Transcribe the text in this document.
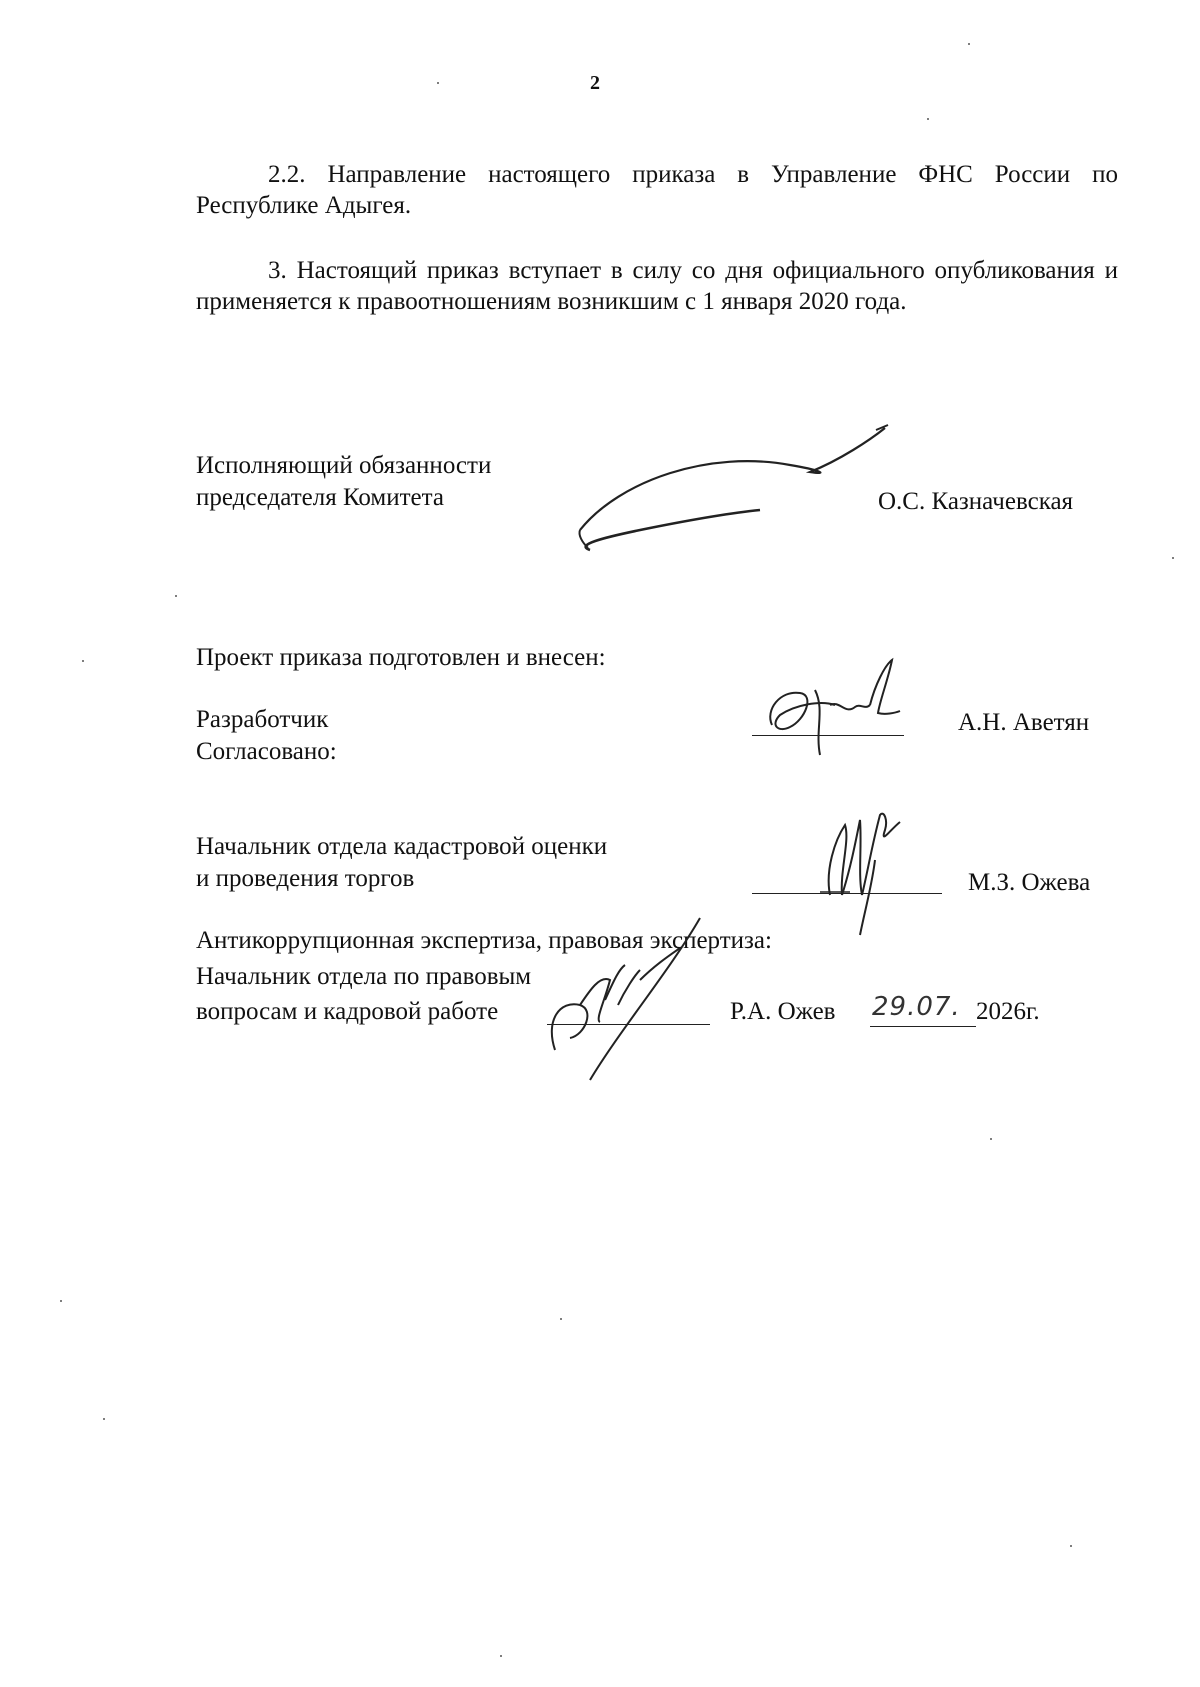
2

2.2. Направление настоящего приказа в Управление ФНС России по Республике Адыгея.

3. Настоящий приказ вступает в силу со дня официального опубликования и применяется к правоотношениям возникшим с 1 января 2020 года.

Исполняющий обязанности
председателя Комитета	О.С. Казначевская
Проект приказа подготовлен и внесен:
Разработчик
Согласовано:
А.Н. Аветян
Начальник отдела кадастровой оценки
и проведения торгов	М.З. Ожева
Антикоррупционная экспертиза, правовая экспертиза:
Начальник отдела по правовым
вопросам и кадровой работе	Р.А. Ожев 29.07. 2026г.
